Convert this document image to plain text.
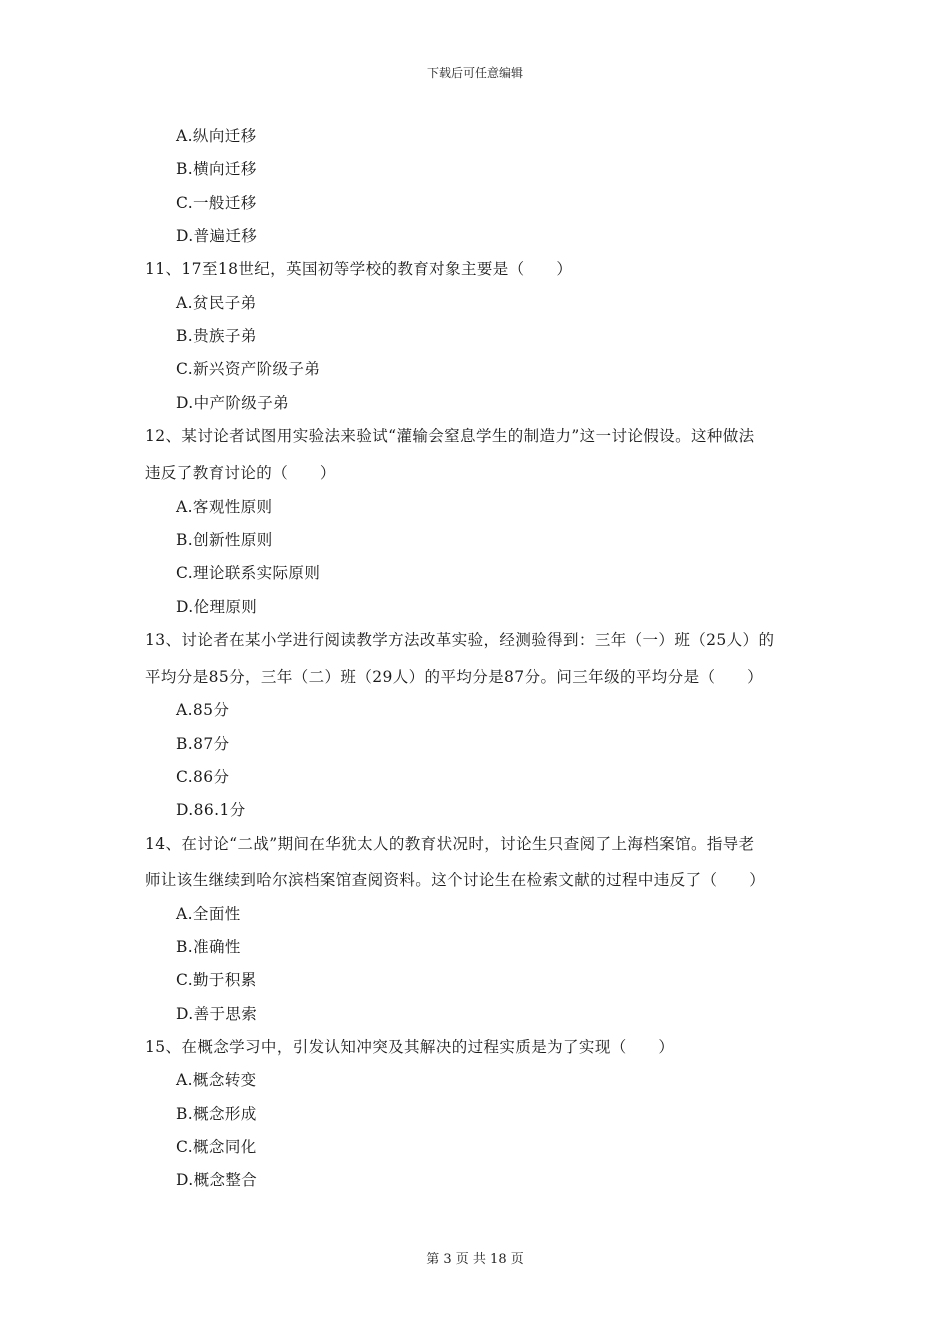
下载后可任意编辑
A.纵向迁移
B.横向迁移
C.一般迁移
D.普遍迁移
11、17至18世纪，英国初等学校的教育对象主要是（　　）
A.贫民子弟
B.贵族子弟
C.新兴资产阶级子弟
D.中产阶级子弟
12、某讨论者试图用实验法来验试“灌输会窒息学生的制造力”这一讨论假设。这种做法
违反了教育讨论的（　　）
A.客观性原则
B.创新性原则
C.理论联系实际原则
D.伦理原则
13、讨论者在某小学进行阅读教学方法改革实验，经测验得到：三年（一）班（25人）的
平均分是85分，三年（二）班（29人）的平均分是87分。问三年级的平均分是（　　）
A.85分
B.87分
C.86分
D.86.1分
14、在讨论“二战”期间在华犹太人的教育状况时，讨论生只查阅了上海档案馆。指导老
师让该生继续到哈尔滨档案馆查阅资料。这个讨论生在检索文献的过程中违反了（　　）
A.全面性
B.准确性
C.勤于积累
D.善于思索
15、在概念学习中，引发认知冲突及其解决的过程实质是为了实现（　　）
A.概念转变
B.概念形成
C.概念同化
D.概念整合
第 3 页 共 18 页
